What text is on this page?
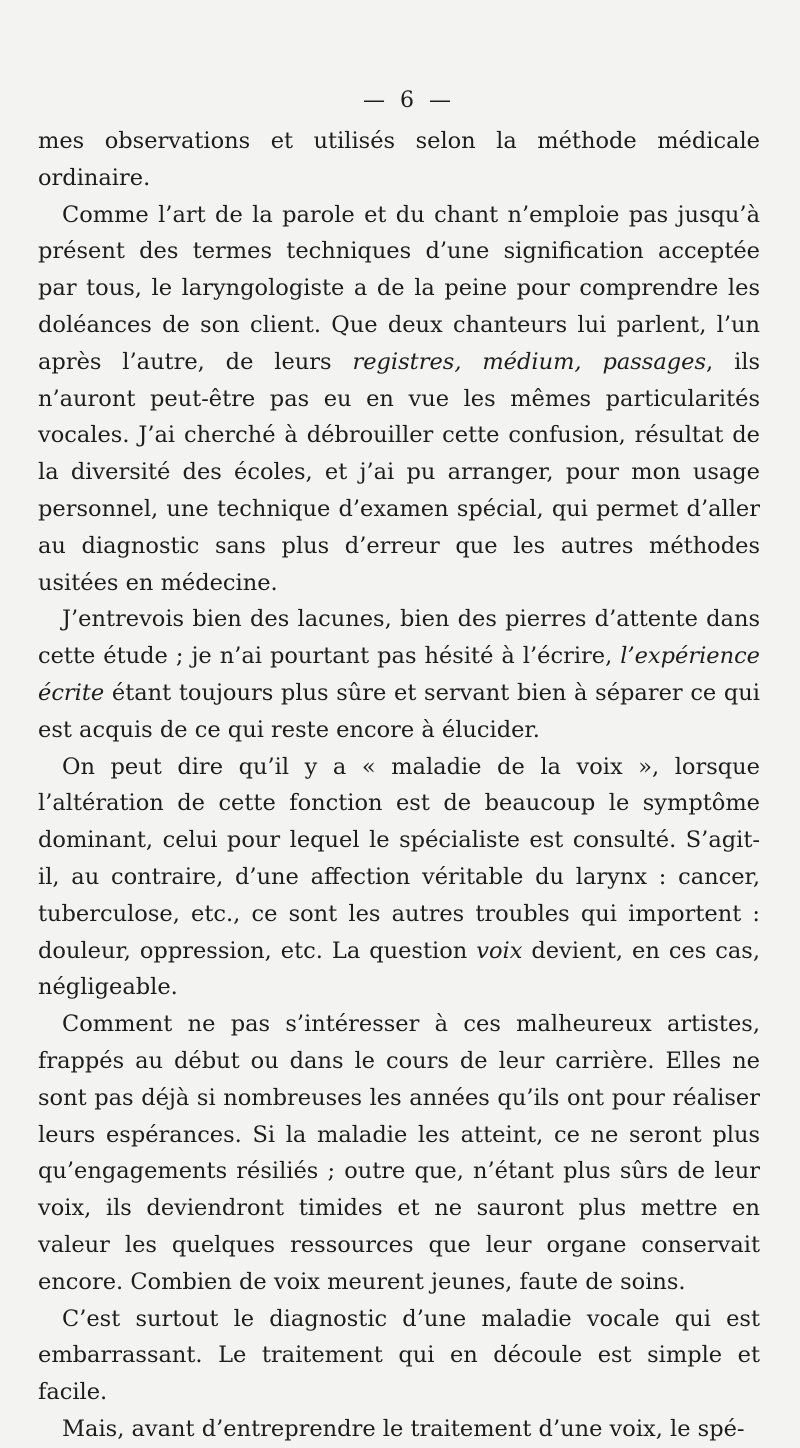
— 6 —

mes observations et utilisés selon la méthode médicale ordinaire.

Comme l’art de la parole et du chant n’emploie pas jusqu’à présent des termes techniques d’une signification acceptée par tous, le laryngologiste a de la peine pour comprendre les doléances de son client. Que deux chanteurs lui parlent, l’un après l’autre, de leurs registres, médium, passages, ils n’auront peut-être pas eu en vue les mêmes particularités vocales. J’ai cherché à débrouiller cette confusion, résultat de la diversité des écoles, et j’ai pu arranger, pour mon usage personnel, une technique d’examen spécial, qui permet d’aller au diagnostic sans plus d’erreur que les autres méthodes usitées en médecine.

J’entrevois bien des lacunes, bien des pierres d’attente dans cette étude ; je n’ai pourtant pas hésité à l’écrire, l’expérience écrite étant toujours plus sûre et servant bien à séparer ce qui est acquis de ce qui reste encore à élucider.

On peut dire qu’il y a « maladie de la voix », lorsque l’altération de cette fonction est de beaucoup le symptôme dominant, celui pour lequel le spécialiste est consulté. S’agit-il, au contraire, d’une affection véritable du larynx : cancer, tuberculose, etc., ce sont les autres troubles qui importent : douleur, oppression, etc. La question voix devient, en ces cas, négligeable.

Comment ne pas s’intéresser à ces malheureux artistes, frappés au début ou dans le cours de leur carrière. Elles ne sont pas déjà si nombreuses les années qu’ils ont pour réaliser leurs espérances. Si la maladie les atteint, ce ne seront plus qu’engagements résiliés ; outre que, n’étant plus sûrs de leur voix, ils deviendront timides et ne sauront plus mettre en valeur les quelques ressources que leur organe conservait encore. Combien de voix meurent jeunes, faute de soins.

C’est surtout le diagnostic d’une maladie vocale qui est embarrassant. Le traitement qui en découle est simple et facile.

Mais, avant d’entreprendre le traitement d’une voix, le spé-
